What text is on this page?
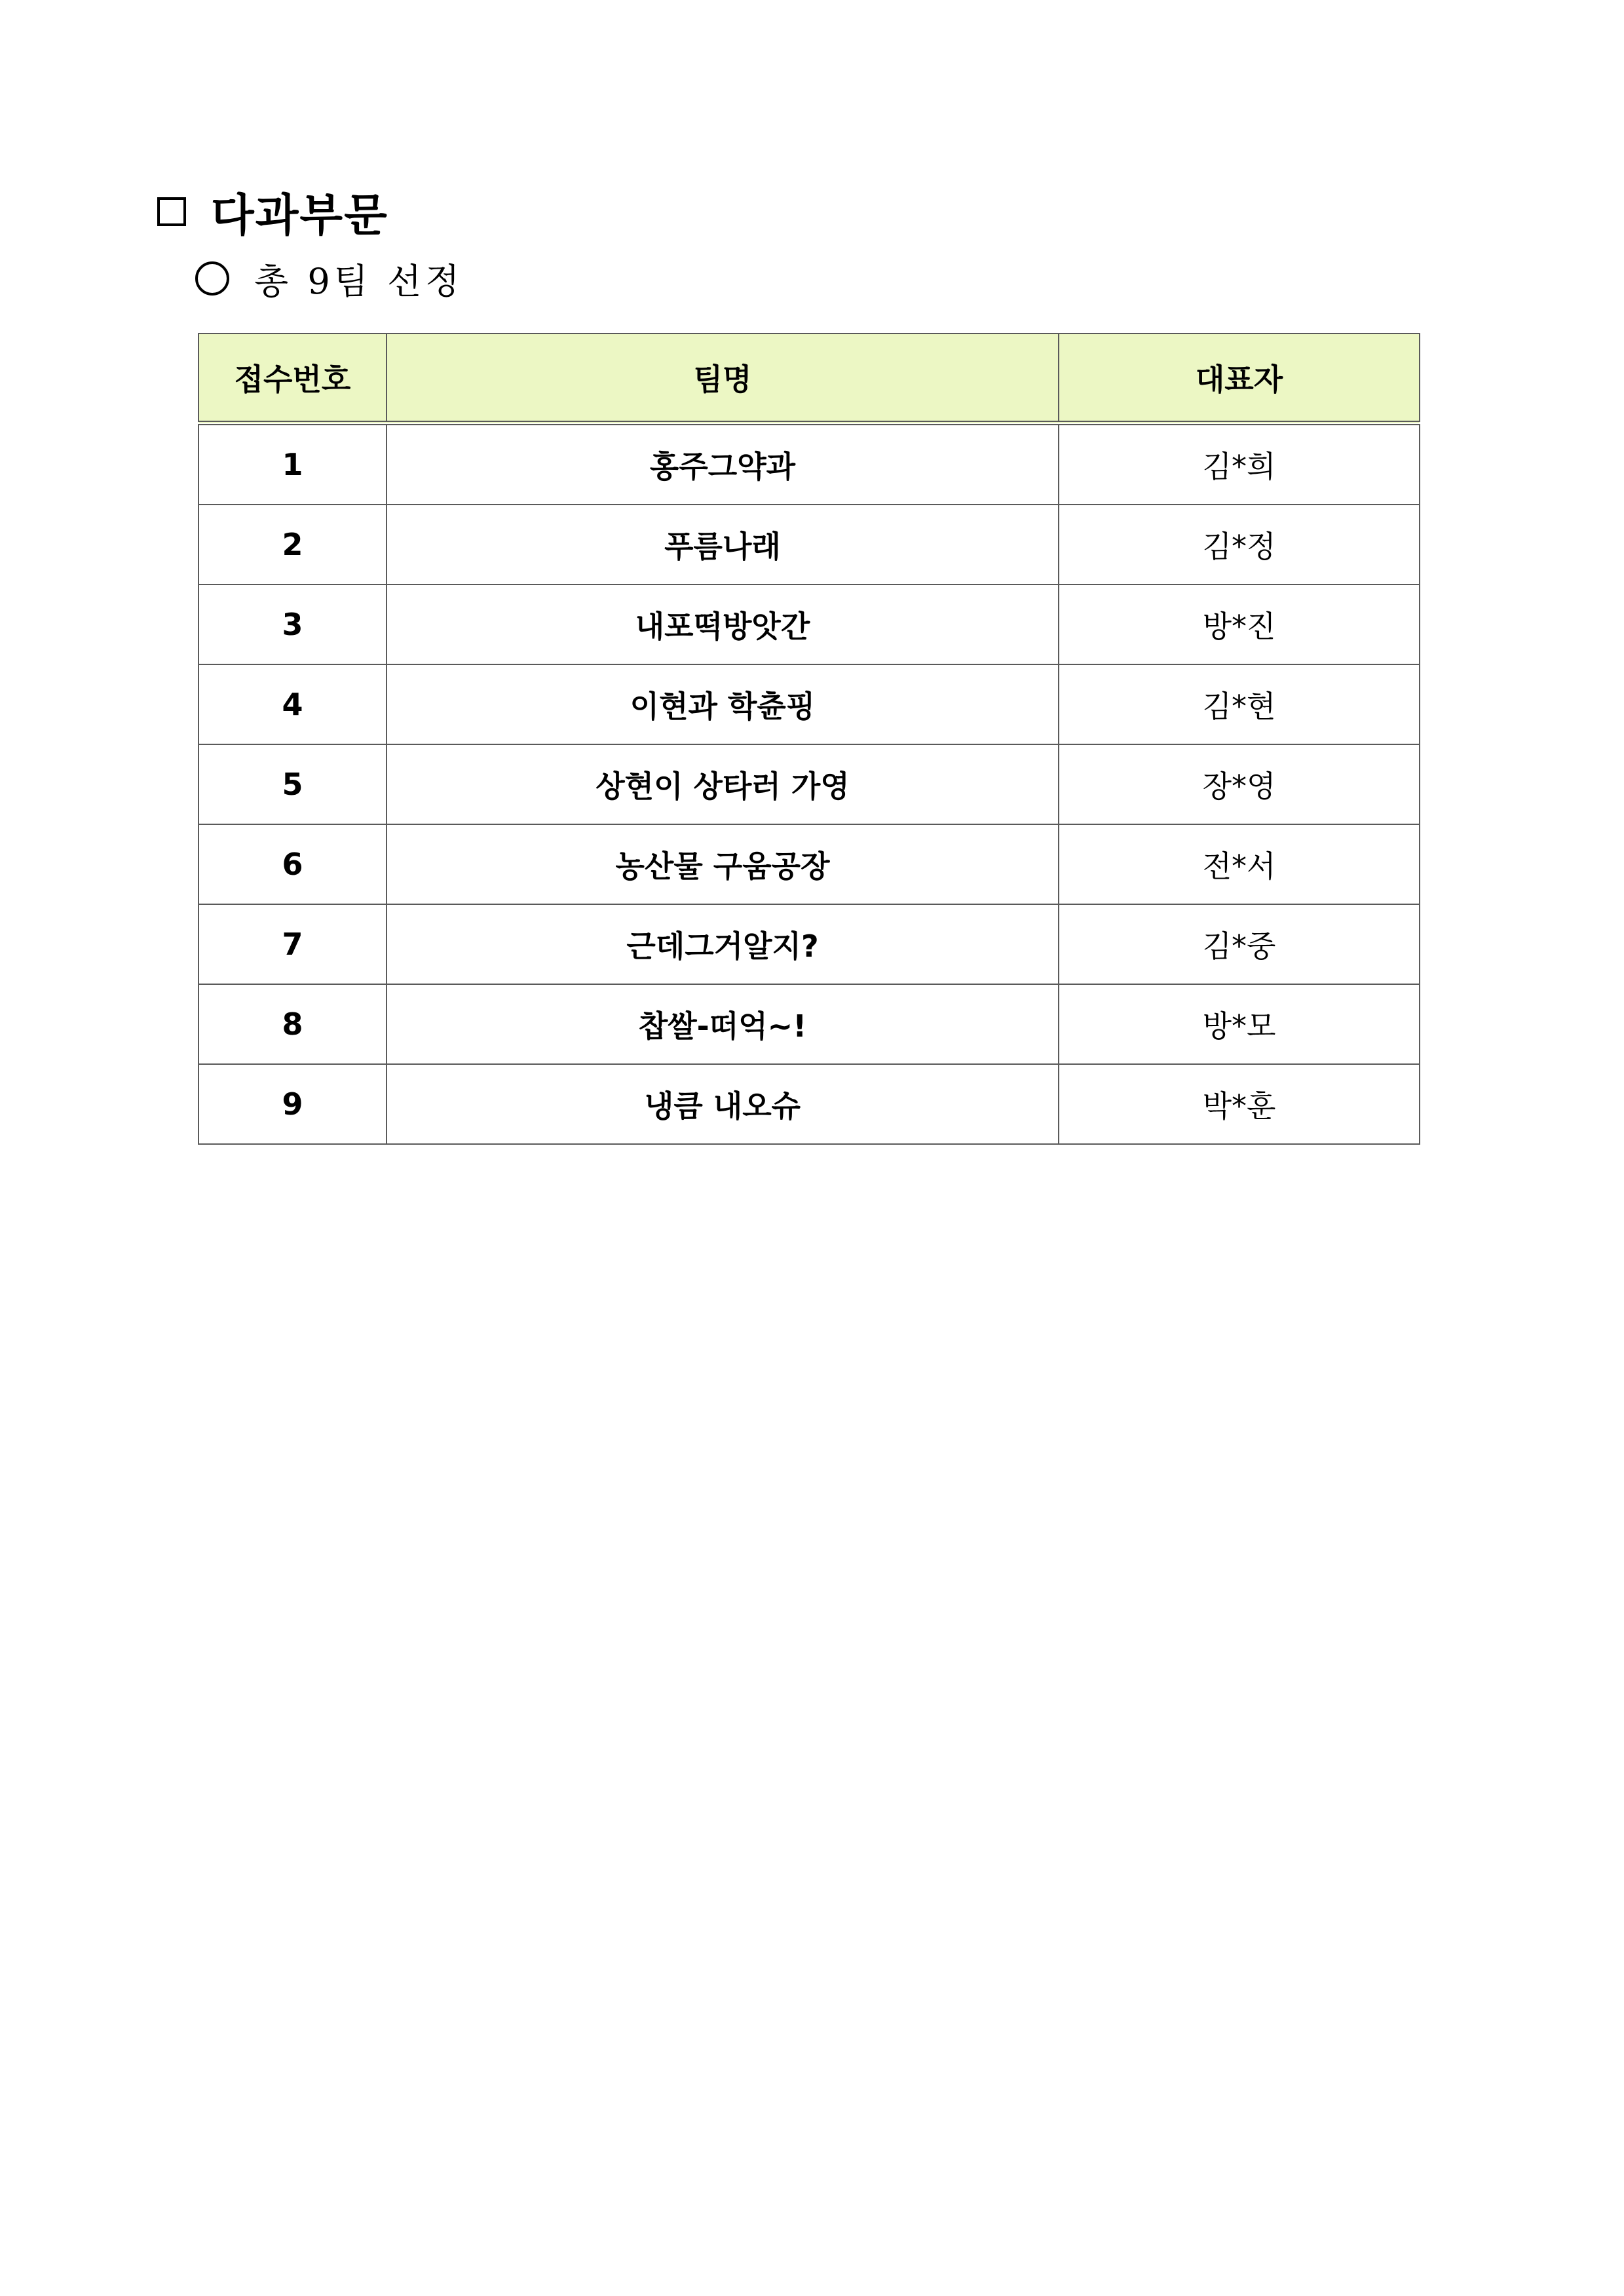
다과부문
총 9팀 선정
접수번호	팀명	대표자
1	홍주그약과	김*희
2	푸름나래	김*정
3	내포떡방앗간	방*진
4	이현과 학츈핑	김*현
5	상현이 상타러 가영	장*영
6	농산물 구움공장	전*서
7	근데그거알지?	김*중
8	찹쌀-떠억~!	방*모
9	냉큼 내오슈	박*훈
